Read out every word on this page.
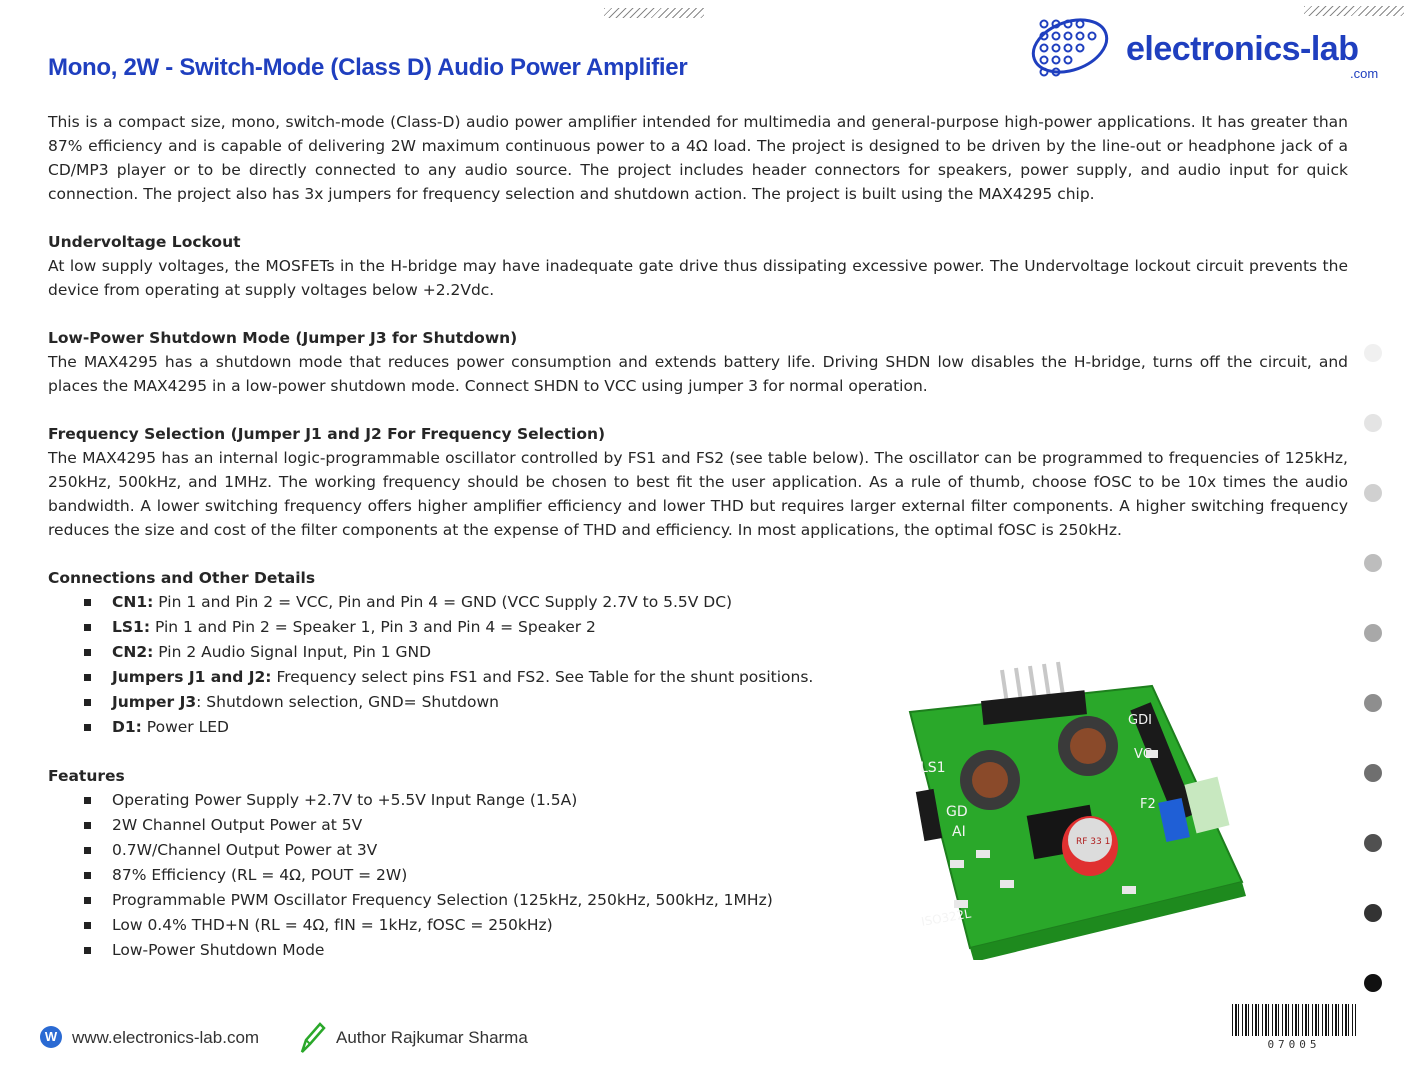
Mono, 2W - Switch-Mode (Class D) Audio Power Amplifier	electronics-lab
.com

This is a compact size, mono, switch-mode (Class-D) audio power amplifier intended for multimedia and general-purpose high-power applications. It has greater than 87% efficiency and is capable of delivering 2W maximum continuous power to a 4Ω load. The project is designed to be driven by the line-out or headphone jack of a CD/MP3 player or to be directly connected to any audio source. The project includes header connectors for speakers, power supply, and audio input for quick connection. The project also has 3x jumpers for frequency selection and shutdown action. The project is built using the MAX4295 chip.

Undervoltage Lockout

At low supply voltages, the MOSFETs in the H-bridge may have inadequate gate drive thus dissipating excessive power. The Undervoltage lockout circuit prevents the device from operating at supply voltages below +2.2Vdc.

Low-Power Shutdown Mode (Jumper J3 for Shutdown)

The MAX4295 has a shutdown mode that reduces power consumption and extends battery life. Driving SHDN low disables the H-bridge, turns off the circuit, and places the MAX4295 in a low-power shutdown mode. Connect SHDN to VCC using jumper 3 for normal operation.

Frequency Selection (Jumper J1 and J2 For Frequency Selection)

The MAX4295 has an internal logic-programmable oscillator controlled by FS1 and FS2 (see table below). The oscillator can be programmed to frequencies of 125kHz, 250kHz, 500kHz, and 1MHz. The working frequency should be chosen to best fit the user application. As a rule of thumb, choose fOSC to be 10x times the audio bandwidth. A lower switching frequency offers higher amplifier efficiency and lower THD but requires larger external filter components. A higher switching frequency reduces the size and cost of the filter components at the expense of THD and efficiency. In most applications, the optimal fOSC is 250kHz.

Connections and Other Details
CN1: Pin 1 and Pin 2 = VCC, Pin and Pin 4 = GND (VCC Supply 2.7V to 5.5V DC)
LS1: Pin 1 and Pin 2 = Speaker 1, Pin 3 and Pin 4 = Speaker 2
CN2: Pin 2 Audio Signal Input, Pin 1 GND
Jumpers J1 and J2: Frequency select pins FS1 and FS2. See Table for the shunt positions.
Jumper J3: Shutdown selection, GND= Shutdown
D1: Power LED
Features
Operating Power Supply +2.7V to +5.5V Input Range (1.5A)
2W Channel Output Power at 5V
0.7W/Channel Output Power at 3V
87% Efficiency (RL = 4Ω, POUT = 2W)
Programmable PWM Oscillator Frequency Selection (125kHz, 250kHz, 500kHz, 1MHz)
Low 0.4% THD+N (RL = 4Ω, fIN = 1kHz, fOSC = 250kHz)
Low-Power Shutdown Mode
LS1
GD
AI
GDI
VC
F2
ISO322L
RF 33 1
W www.electronics-lab.com	Author Rajkumar Sharma	07005
